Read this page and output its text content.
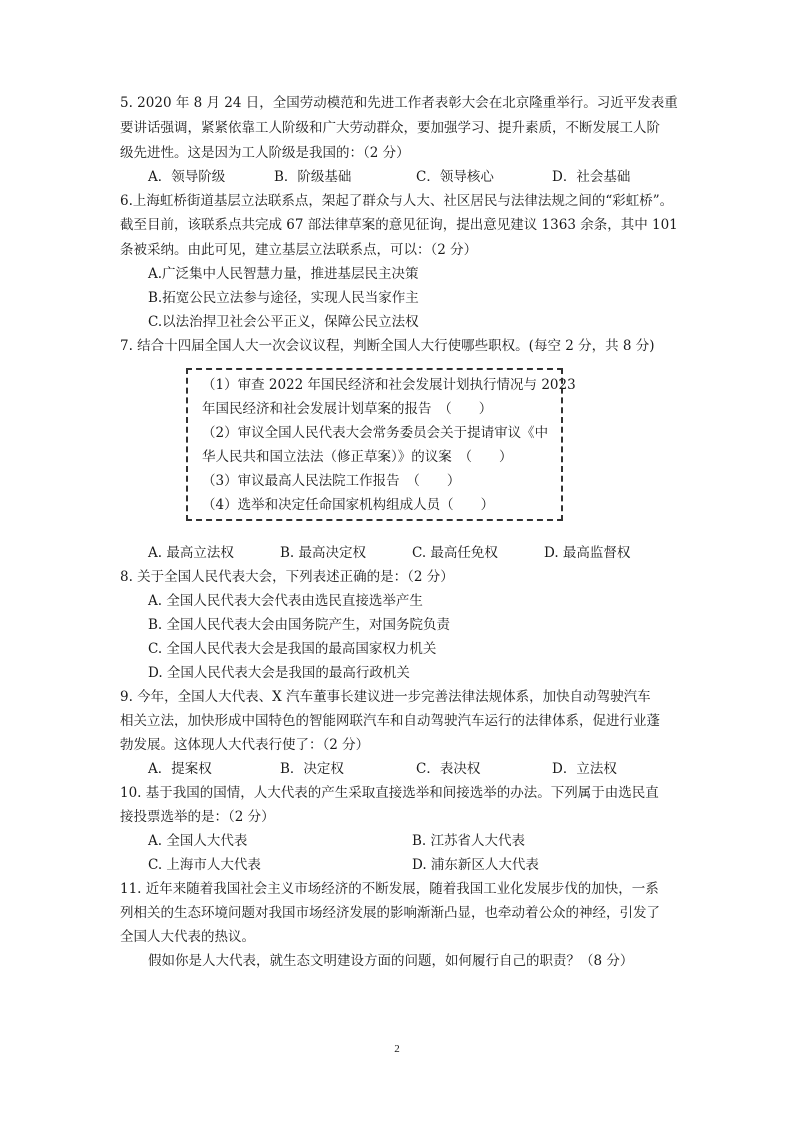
5. 2020 年 8 月 24 日，全国劳动模范和先进工作者表彰大会在北京隆重举行。习近平发表重
要讲话强调，紧紧依靠工人阶级和广大劳动群众，要加强学习、提升素质，不断发展工人阶
级先进性。这是因为工人阶级是我国的：（2 分）
A．领导阶级	B．阶级基础	C．领导核心	D．社会基础
6.上海虹桥街道基层立法联系点，架起了群众与人大、社区居民与法律法规之间的“彩虹桥”。
截至目前，该联系点共完成 67 部法律草案的意见征询，提出意见建议 1363 余条，其中 101
条被采纳。由此可见，建立基层立法联系点，可以：（2 分）
A.广泛集中人民智慧力量，推进基层民主决策
B.拓宽公民立法参与途径，实现人民当家作主
C.以法治捍卫社会公平正义，保障公民立法权
7. 结合十四届全国人大一次会议议程，判断全国人大行使哪些职权。(每空 2 分，共 8 分)
（1）审查 2022 年国民经济和社会发展计划执行情况与 2023
年国民经济和社会发展计划草案的报告　（　　）
（2）审议全国人民代表大会常务委员会关于提请审议《中
华人民共和国立法法（修正草案）》的议案　（　　）
（3）审议最高人民法院工作报告　（　　）
（4）选举和决定任命国家机构组成人员（　　）
A. 最高立法权	B. 最高决定权	C. 最高任免权	D. 最高监督权
8. 关于全国人民代表大会，下列表述正确的是：（2 分）
A. 全国人民代表大会代表由选民直接选举产生
B. 全国人民代表大会由国务院产生，对国务院负责
C. 全国人民代表大会是我国的最高国家权力机关
D. 全国人民代表大会是我国的最高行政机关
9. 今年，全国人大代表、X 汽车董事长建议进一步完善法律法规体系，加快自动驾驶汽车
相关立法，加快形成中国特色的智能网联汽车和自动驾驶汽车运行的法律体系，促进行业蓬
勃发展。这体现人大代表行使了：（2 分）
A．提案权	B．决定权	C．表决权	D．立法权
10. 基于我国的国情，人大代表的产生采取直接选举和间接选举的办法。下列属于由选民直
接投票选举的是：（2 分）
A. 全国人大代表	B. 江苏省人大代表
C. 上海市人大代表	D. 浦东新区人大代表
11. 近年来随着我国社会主义市场经济的不断发展，随着我国工业化发展步伐的加快，一系
列相关的生态环境问题对我国市场经济发展的影响渐渐凸显，也牵动着公众的神经，引发了
全国人大代表的热议。
假如你是人大代表，就生态文明建设方面的问题，如何履行自己的职责？（8 分）
2
